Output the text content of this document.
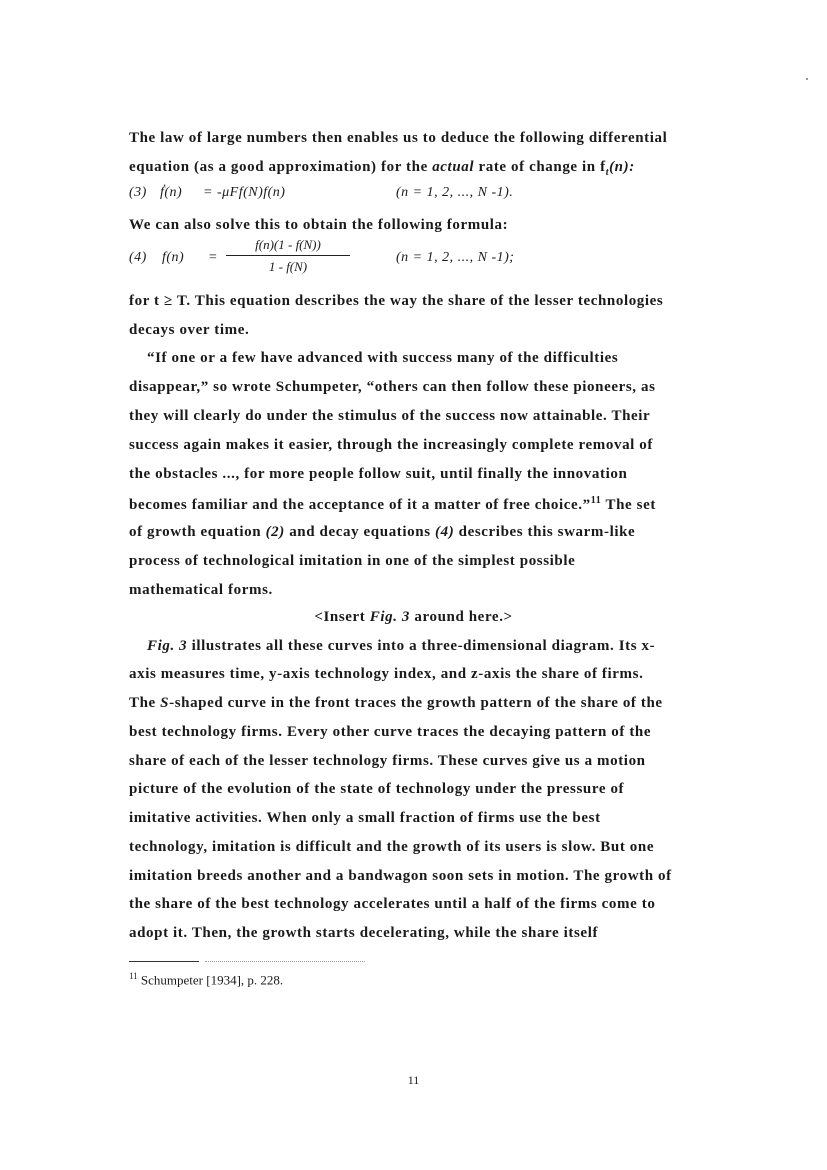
The law of large numbers then enables us to deduce the following differential
equation (as a good approximation) for the actual rate of change in $f_t(n)$:
(3) ḟ(n) = -μFf(N)f(n)	(n = 1, 2, ..., N -1).
We can also solve this to obtain the following formula:
(4) f(n) =
f(n)(1 - f(N))
1 - f(N)
(n = 1, 2, ..., N -1);
for t ≥ T. This equation describes the way the share of the lesser technologies
decays over time.
“If one or a few have advanced with success many of the difficulties
disappear,” so wrote Schumpeter, “others can then follow these pioneers, as
they will clearly do under the stimulus of the success now attainable. Their
success again makes it easier, through the increasingly complete removal of
the obstacles ..., for more people follow suit, until finally the innovation
becomes familiar and the acceptance of it a matter of free choice.”$^{11}$ The set
of growth equation (2) and decay equations (4) describes this swarm-like
process of technological imitation in one of the simplest possible
mathematical forms.
<Insert Fig. 3 around here.>
Fig. 3 illustrates all these curves into a three-dimensional diagram. Its x-
axis measures time, y-axis technology index, and z-axis the share of firms.
The S-shaped curve in the front traces the growth pattern of the share of the
best technology firms. Every other curve traces the decaying pattern of the
share of each of the lesser technology firms. These curves give us a motion
picture of the evolution of the state of technology under the pressure of
imitative activities. When only a small fraction of firms use the best
technology, imitation is difficult and the growth of its users is slow. But one
imitation breeds another and a bandwagon soon sets in motion. The growth of
the share of the best technology accelerates until a half of the firms come to
adopt it. Then, the growth starts decelerating, while the share itself
$^{11}$ Schumpeter [1934], p. 228.
11
